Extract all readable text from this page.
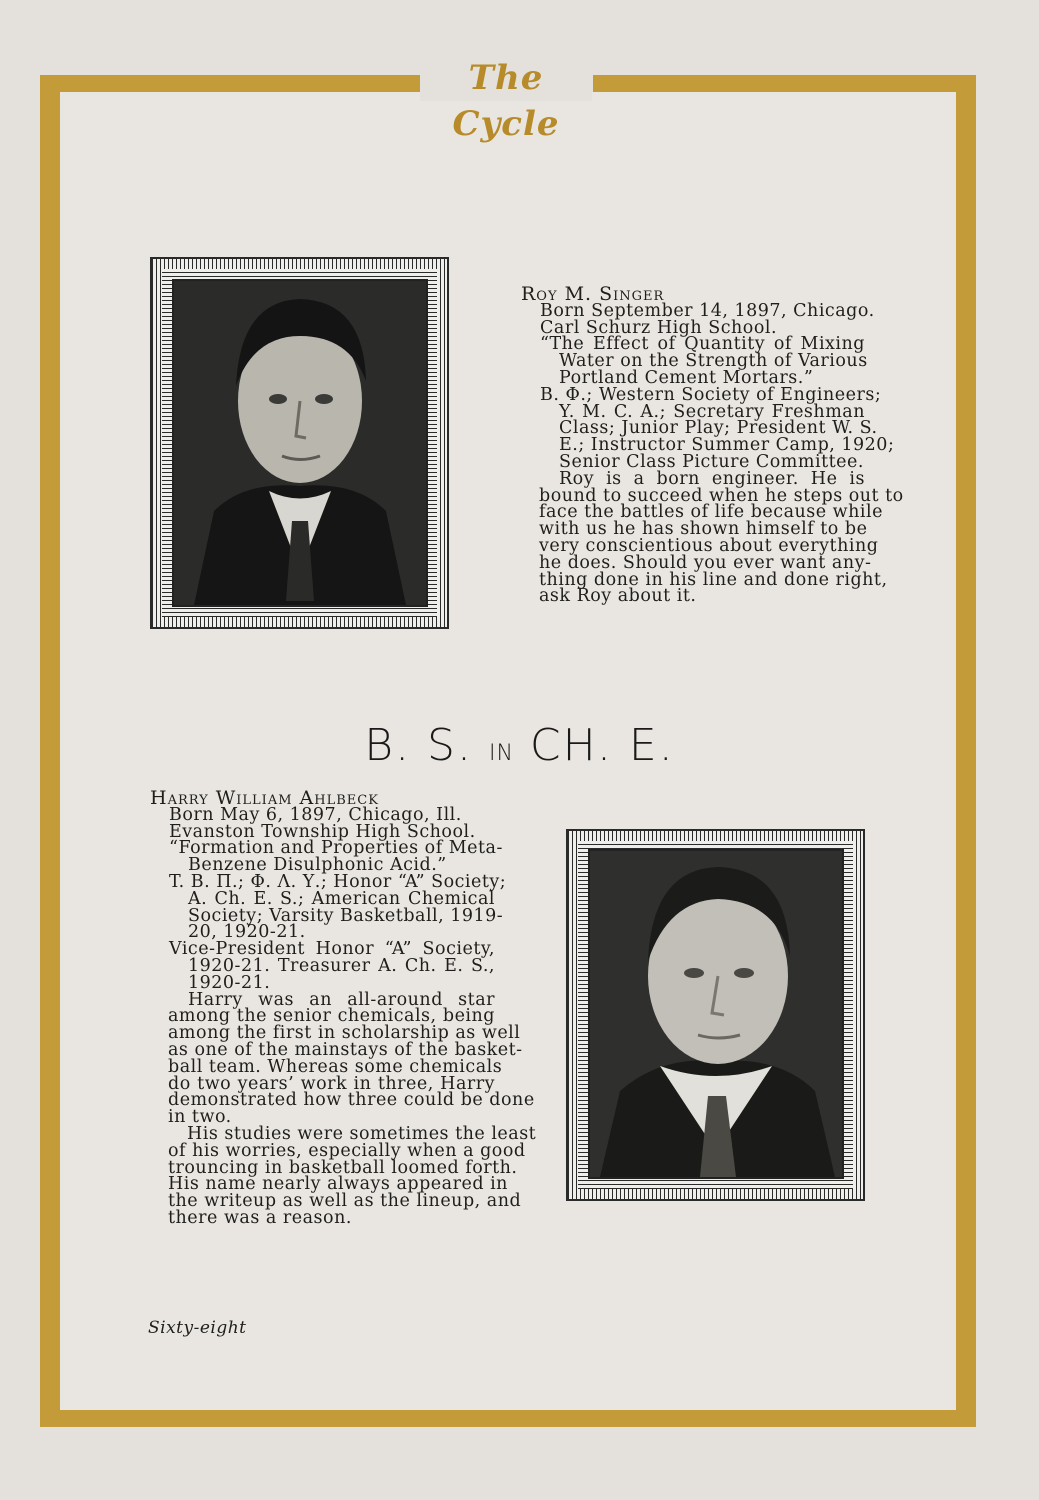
The Cycle
Roy M. Singer
Born September 14, 1897, Chicago.
Carl Schurz High School.
“The Effect of Quantity of Mixing
Water on the Strength of Various
Portland Cement Mortars.”
B. Φ.; Western Society of Engineers;
Y. M. C. A.; Secretary Freshman
Class; Junior Play; President W. S.
E.; Instructor Summer Camp, 1920;
Senior Class Picture Committee.
Roy is a born engineer. He is
bound to succeed when he steps out to
face the battles of life because while
with us he has shown himself to be
very conscientious about everything
he does. Should you ever want any-
thing done in his line and done right,
ask Roy about it.
B. S. IN CH. E.
Harry William Ahlbeck
Born May 6, 1897, Chicago, Ill.
Evanston Township High School.
“Formation and Properties of Meta-
Benzene Disulphonic Acid.”
T. B. Π.; Φ. Λ. Υ.; Honor “A” Society;
A. Ch. E. S.; American Chemical
Society; Varsity Basketball, 1919-
20, 1920-21.
Vice-President Honor “A” Society,
1920-21. Treasurer A. Ch. E. S.,
1920-21.
Harry was an all-around star
among the senior chemicals, being
among the first in scholarship as well
as one of the mainstays of the basket-
ball team. Whereas some chemicals
do two years’ work in three, Harry
demonstrated how three could be done
in two.
His studies were sometimes the least
of his worries, especially when a good
trouncing in basketball loomed forth.
His name nearly always appeared in
the writeup as well as the lineup, and
there was a reason.
Sixty-eight
